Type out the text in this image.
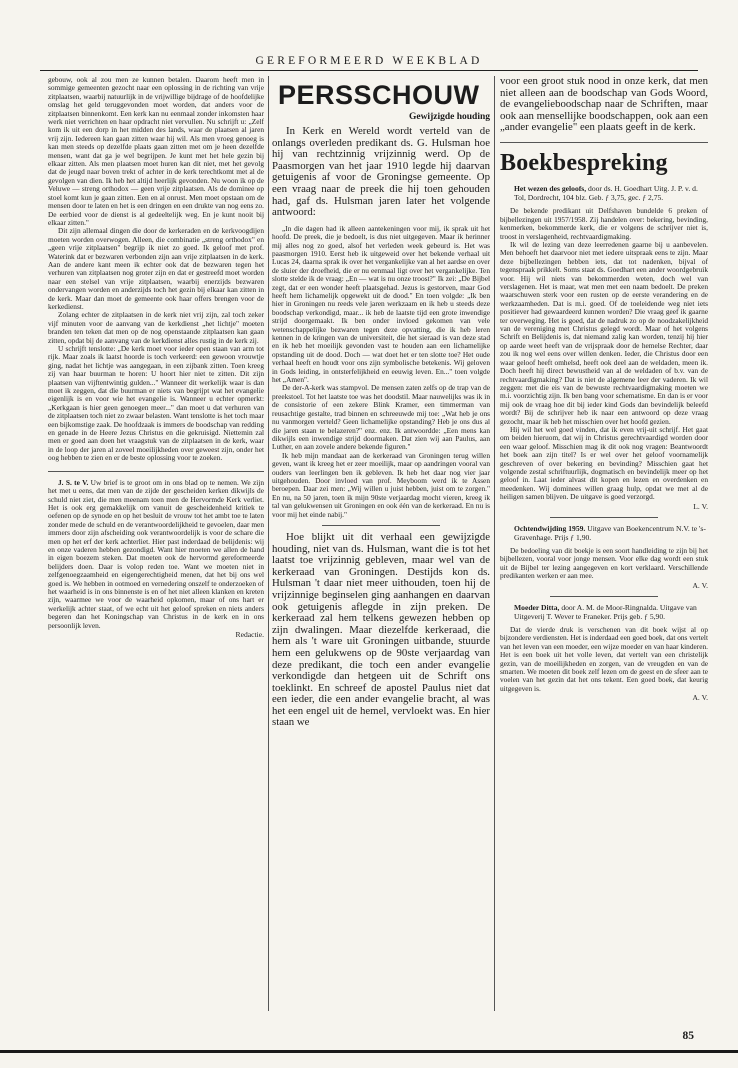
GEREFORMEERD WEEKBLAD

gebouw, ook al zou men ze kunnen betalen. Daarom heeft men in sommige gemeenten gezocht naar een oplossing in de richting van vrije zitplaatsen, waarbij natuurlijk in de vrijwillige bijdrage of de hoofdelijke omslag het geld teruggevonden moet worden, dat anders voor de zitplaatsen binnenkomt. Een kerk kan nu eenmaal zonder inkomsten haar werk niet verrichten en haar opdracht niet vervullen. Nu schrijft u: „Zelf kom ik uit een dorp in het midden des lands, waar de plaatsen al jaren vrij zijn. Iedereen kan gaan zitten waar hij wil. Als men vroeg genoeg is kan men steeds op dezelfde plaats gaan zitten met om je heen dezelfde mensen, want dat ga je wel begrijpen. Je kunt met het hele gezin bij elkaar zitten. Als men plaatsen moet huren kan dit niet, met het gevolg dat de jeugd naar boven trekt of achter in de kerk terechtkomt met al de gevolgen van dien. Ik heb het altijd heerlijk gevonden. Nu woon ik op de Veluwe — streng orthodox — geen vrije zitplaatsen. Als de dominee op stoel komt kun je gaan zitten. Een en al onrust. Men moet opstaan om de mensen door te laten en het is een dringen en een drukte van nog eens zo. De eerbied voor de dienst is al gedeeltelijk weg. En je kunt nooit bij elkaar zitten."

Dit zijn allemaal dingen die door de kerkeraden en de kerkvoogdijen moeten worden overwogen. Alleen, die combinatie „streng orthodox" en „geen vrije zitplaatsen" begrijp ik niet zo goed. Ik geloof met prof. Waterink dat er bezwaren verbonden zijn aan vrije zitplaatsen in de kerk. Aan de andere kant meen ik echter ook dat de bezwaren tegen het verhuren van zitplaatsen nog groter zijn en dat er gestreefd moet worden naar een stelsel van vrije zitplaatsen, waarbij enerzijds bezwaren ondervangen worden en anderzijds toch het gezin bij elkaar kan zitten in de kerk. Maar dan moet de gemeente ook haar offers brengen voor de kerkedienst.

Zolang echter de zitplaatsen in de kerk niet vrij zijn, zal toch zeker vijf minuten voor de aanvang van de kerkdienst „het lichtje" moeten branden ten teken dat men op de nog openstaande zitplaatsen kan gaan zitten, opdat bij de aanvang van de kerkdienst alles rustig in de kerk zij.

U schrijft tenslotte: „De kerk moet voor ieder open staan van arm tot rijk. Maar zoals ik laatst hoorde is toch verkeerd: een gewoon vrouwtje ging, nadat het lichtje was aangegaan, in een zijbank zitten. Toen kreeg zij van haar buurman te horen: U hoort hier niet te zitten. Dit zijn plaatsen van vijftentwintig gulden..." Wanneer dit werkelijk waar is dan moet ik zeggen, dat die buurman er niets van begrijpt wat het evangelie eigenlijk is en voor wie het evangelie is. Wanneer u echter opmerkt: „Kerkgaan is hier geen genoegen meer..." dan moet u dat verhuren van de zitplaatsen toch niet zo zwaar belasten. Want tenslotte is het toch maar een bijkomstige zaak. De hoofdzaak is immers de boodschap van redding en genade in de Heere Jezus Christus en die gekruisigd. Niettemin zal men er goed aan doen het vraagstuk van de zitplaatsen in de kerk, waar in de loop der jaren al zoveel moeilijkheden over geweest zijn, onder het oog hebben te zien en er de beste oplossing voor te zoeken.

J. S. te V. Uw brief is te groot om in ons blad op te nemen. We zijn het met u eens, dat men van de zijde der gescheiden kerken dikwijls de schuld niet ziet, die men meenam toen men de Hervormde Kerk verliet. Het is ook erg gemakkelijk om vanuit de gescheidenheid kritiek te oefenen op de synode en op het besluit de vrouw tot het ambt toe te laten zonder mede de schuld en de verantwoordelijkheid te gevoelen, daar men immers door zijn afscheiding ook verantwoordelijk is voor de schare die men op het erf der kerk achterliet. Hier past inderdaad de belijdenis: wij en onze vaderen hebben gezondigd. Want hier moeten we allen de hand in eigen boezem steken. Dat moeten ook de hervormd gereformeerde belijders doen. Daar is volop reden toe. Want we moeten niet in zelfgenoegzaamheid en eigengerechtigheid menen, dat het bij ons wel goed is. We hebben in ootmoed en vernedering onszelf te onderzoeken of het waarheid is in ons binnenste is en of het niet alleen klanken en kreten zijn, waarmee we voor de waarheid opkomen, maar of ons hart er werkelijk achter staat, of we echt uit het geloof spreken en niets anders begeren dan het Koningschap van Christus in de kerk en in ons persoonlijk leven.

Redactie.

PERSSCHOUW

Gewijzigde houding

In Kerk en Wereld wordt verteld van de onlangs overleden predikant ds. G. Hulsman hoe hij van rechtzinnig vrijzinnig werd. Op de Paasmorgen van het jaar 1910 legde hij daarvan getuigenis af voor de Groningse gemeente. Op een vraag naar de preek die hij toen gehouden had, gaf ds. Hulsman jaren later het volgende antwoord:

„In die dagen had ik alleen aantekeningen voor mij, ik sprak uit het hoofd. De preek, die je bedoelt, is dus niet uitgegeven. Maar ik herinner mij alles nog zo goed, alsof het verleden week gebeurd is. Het was paasmorgen 1910. Eerst heb ik uitgeweid over het bekende verhaal uit Lucas 24, daarna sprak ik over het vergankelijke van al het aardse en over de sluier der droefheid, die er nu eenmaal ligt over het vergankelijke. Ten slotte stelde ik de vraag: „En — wat is nu onze troost?" Ik zei: „De Bijbel zegt, dat er een wonder heeft plaatsgehad. Jezus is gestorven, maar God heeft hem lichamelijk opgewekt uit de dood." En toen volgde: „Ik ben hier in Groningen nu reeds vele jaren werkzaam en ik heb u steeds deze boodschap verkondigd, maar... ik heb de laatste tijd een grote inwendige strijd doorgemaakt. Ik ben onder invloed gekomen van vele wetenschappelijke bezwaren tegen deze opvatting, die ik heb leren kennen in de kringen van de universiteit, die het sieraad is van deze stad en ik heb het moeilijk gevonden vast te houden aan een lichamelijke opstanding uit de dood. Doch — wat doet het er ten slotte toe? Het oude verhaal heeft en houdt voor ons zijn symbolische betekenis. Wij geloven in Gods leiding, in ontsterfelijkheid en eeuwig leven. En..." toen volgde het „Amen".

De der-A-kerk was stampvol. De mensen zaten zelfs op de trap van de preekstoel. Tot het laatste toe was het doodstil. Maar nauwelijks was ik in de consistorie of een zekere Blink Kramer, een timmerman van reusachtige gestalte, trad binnen en schreeuwde mij toe: „Wat heb je ons nu vanmorgen verteld? Geen lichamelijke opstanding? Heb je ons dus al die jaren staan te belazeren?" enz. enz. Ik antwoordde: „Een mens kan dikwijls een inwendige strijd doormaken. Dat zien wij aan Paulus, aan Luther, en aan zovele andere bekende figuren."

Ik heb mijn mandaat aan de kerkeraad van Groningen terug willen geven, want ik kreeg het er zeer moeilijk, maar op aandringen vooral van ouders van leerlingen ben ik gebleven. Ik heb het daar nog vier jaar uitgehouden. Door invloed van prof. Meyboom werd ik te Assen beroepen. Daar zei men: „Wij willen u juist hebben, juist om te zorgen." En nu, na 50 jaren, toen ik mijn 90ste verjaardag mocht vieren, kreeg ik tal van gelukwensen uit Groningen en ook één van de kerkeraad. En nu is voor mij het einde nabij."

Hoe blijkt uit dit verhaal een gewijzigde houding, niet van ds. Hulsman, want die is tot het laatst toe vrijzinnig gebleven, maar wel van de kerkeraad van Groningen. Destijds kon ds. Hulsman 't daar niet meer uithouden, toen hij de vrijzinnige beginselen ging aanhangen en daarvan ook getuigenis aflegde in zijn preken. De kerkeraad zal hem telkens gewezen hebben op zijn dwalingen. Maar diezelfde kerkeraad, die hem als 't ware uit Groningen uitbande, stuurde hem een gelukwens op de 90ste verjaardag van deze predikant, die toch een ander evangelie verkondigde dan hetgeen uit de Schrift ons toeklinkt. En schreef de apostel Paulus niet dat een ieder, die een ander evangelie bracht, al was het een engel uit de hemel, vervloekt was. En hier staan we

voor een groot stuk nood in onze kerk, dat men niet alleen aan de boodschap van Gods Woord, de evangelieboodschap naar de Schriften, maar ook aan mensellijke boodschappen, ook aan een „ander evangelie" een plaats geeft in de kerk.

Boekbespreking

Het wezen des geloofs, door ds. H. Goedhart Uitg. J. P. v. d. Tol, Dordrecht, 104 blz. Geb. ƒ 3,75, gec. ƒ 2,75.

De bekende predikant uit Delfshaven bundelde 6 preken of bijbellezingen uit 1957/1958. Zij handelen over: bekering, bevinding, kenmerken, bekommerde kerk, die er volgens de schrijver niet is, troost in verslagenheid, rechtvaardigmaking.

Ik wil de lezing van deze leerredenen gaarne bij u aanbevelen. Men behoeft het daarvoor niet met iedere uitspraak eens te zijn. Maar deze bijbellezingen hebben iets, dat tot nadenken, bijval of tegenspraak prikkelt. Soms staat ds. Goedhart een ander woordgebruik voor. Hij wil niets van bekommerden weten, doch wel van verslagenen. Het is maar, wat men met een naam bedoelt. De preken waarschuwen sterk voor een rusten op de eerste verandering en de werkzaamheden. Dat is m.i. goed. Of de toeleidende weg niet iets positiever had gewaardeerd kunnen worden? Die vraag geef ik gaarne ter overweging. Het is goed, dat de nadruk zo op de noodzakelijkheid van de vereniging met Christus gelegd wordt. Maar of het volgens Schrift en Belijdenis is, dat niemand zalig kan worden, tenzij hij hier op aarde weet heeft van de vrijspraak door de hemelse Rechter, daar zou ik nog wel eens over willen denken. Ieder, die Christus door een waar geloof heeft omhelsd, heeft ook deel aan de weldaden, meen ik. Doch heeft hij direct bewustheid van al de weldaden of b.v. van de rechtvaardigmaking? Dat is niet de algemene leer der vaderen. Ik wil zeggen: met die eis van de bewuste rechtvaardigmaking moeten we m.i. voorzichtig zijn. Ik ben bang voor schematisme. En dan is er voor mij ook de vraag hoe dit bij ieder kind Gods dan bevindelijk beleefd wordt? Bij de schrijver heb ik naar een antwoord op deze vraag gezocht, maar ik heb het misschien over het hoofd gezien.

Hij wil het wel goed vinden, dat ik even vrij-uit schrijf. Het gaat om beiden hieruom, dat wij in Christus gerechtvaardigd worden door een waar geloof. Misschien mag ik dit ook nog vragen: Beantwoordt het boek aan zijn titel? Is er wel over het geloof voornamelijk geschreven of over bekering en bevinding? Misschien gaat het volgende zestal schriftuurlijk, dogmatisch en bevindelijk meer op het geloof in. Laat ieder alvast dit kopen en lezen en overdenken en meedenken. Wij dominees willen graag hulp, opdat we met al de heiligen samen blijven. De uitgave is goed verzorgd.

L. V.

Ochtendwijding 1959. Uitgave van Boekencentrum N.V. te 's-Gravenhage. Prijs ƒ 1,90.

De bedoeling van dit boekje is een soort handleiding te zijn bij het bijbellezen, vooral voor jonge mensen. Voor elke dag wordt een stuk uit de Bijbel ter lezing aangegeven en kort verklaard. Verschillende predikanten werken er aan mee.

A. V.

Moeder Ditta, door A. M. de Moor-Ringnalda. Uitgave van Uitgeverij T. Wever te Franeker. Prijs geb. ƒ 5,90.

Dat de vierde druk is verschenen van dit boek wijst al op bijzondere verdiensten. Het is inderdaad een goed boek, dat ons vertelt van het leven van een moeder, een wijze moeder en van haar kinderen. Het is een boek uit het volle leven, dat vertelt van een christelijk gezin, van de moeilijkheden en zorgen, van de vreugden en van de smarten. We moeten dit boek zelf lezen om de geest en de sfeer aan te voelen van het gezin dat het ons tekent. Een goed boek, dat keurig uitgegeven is.

A. V.

85
